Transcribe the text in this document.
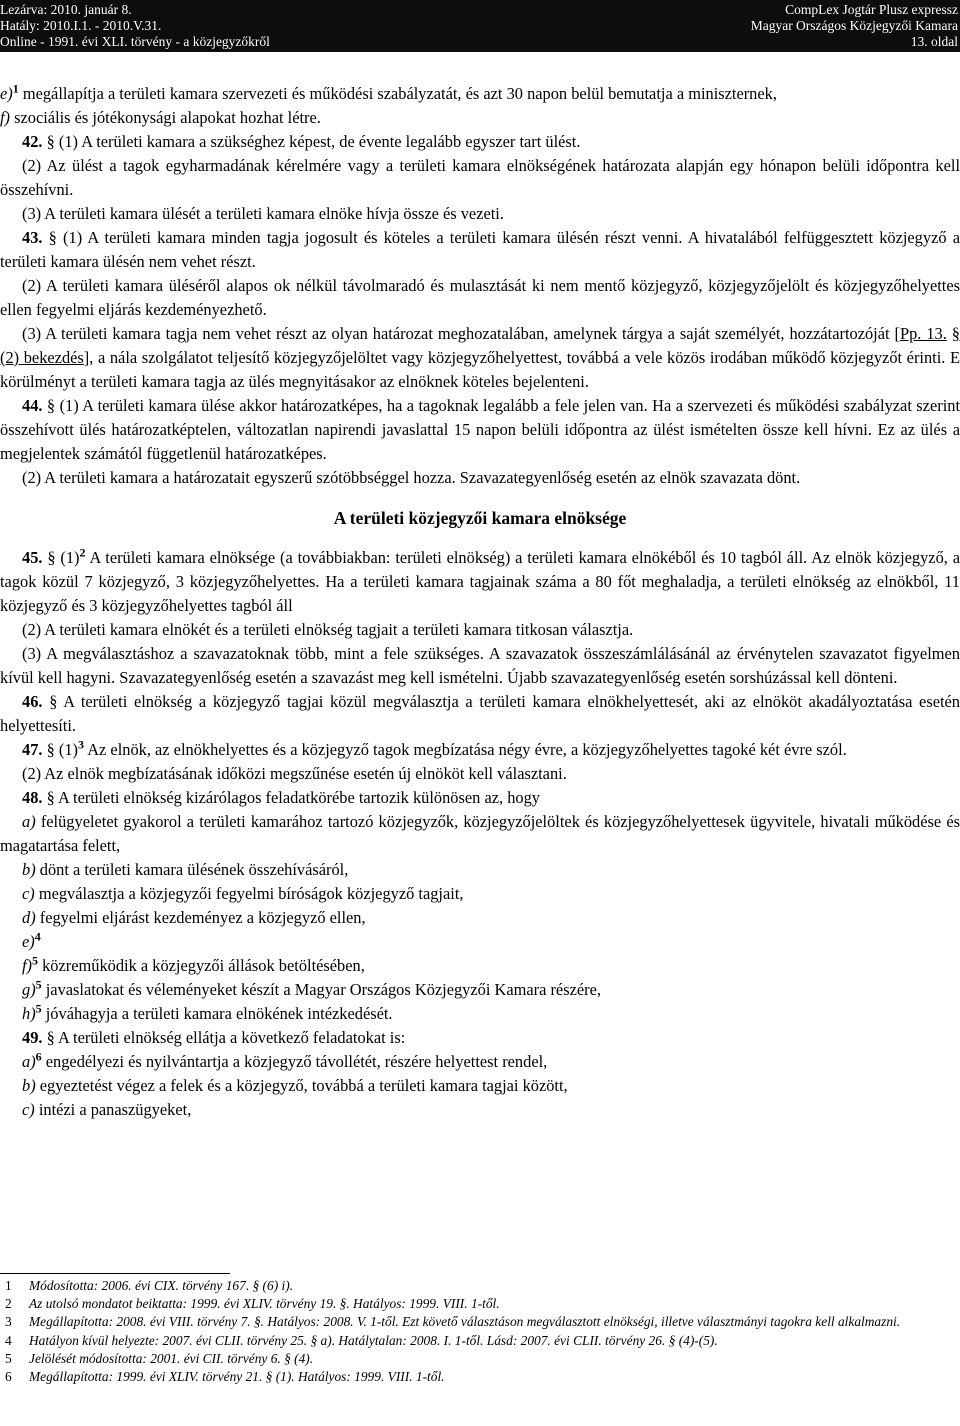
Lezárva: 2010. január 8.
Hatály: 2010.I.1. - 2010.V.31.
Online - 1991. évi XLI. törvény - a közjegyzőkről
CompLex Jogtár Plusz expressz
Magyar Országos Közjegyzői Kamara
13. oldal

e)$^1$ megállapítja a területi kamara szervezeti és működési szabályzatát, és azt 30 napon belül bemutatja a miniszternek,

f) szociális és jótékonysági alapokat hozhat létre.

42. § (1) A területi kamara a szükséghez képest, de évente legalább egyszer tart ülést.

(2) Az ülést a tagok egyharmadának kérelmére vagy a területi kamara elnökségének határozata alapján egy hónapon belüli időpontra kell összehívni.

(3) A területi kamara ülését a területi kamara elnöke hívja össze és vezeti.

43. § (1) A területi kamara minden tagja jogosult és köteles a területi kamara ülésén részt venni. A hivatalából felfüggesztett közjegyző a területi kamara ülésén nem vehet részt.

(2) A területi kamara üléséről alapos ok nélkül távolmaradó és mulasztását ki nem mentő közjegyző, közjegyzőjelölt és közjegyzőhelyettes ellen fegyelmi eljárás kezdeményezhető.

(3) A területi kamara tagja nem vehet részt az olyan határozat meghozatalában, amelynek tárgya a saját személyét, hozzátartozóját [Pp. 13. § (2) bekezdés], a nála szolgálatot teljesítő közjegyzőjelöltet vagy közjegyzőhelyettest, továbbá a vele közös irodában működő közjegyzőt érinti. E körülményt a területi kamara tagja az ülés megnyitásakor az elnöknek köteles bejelenteni.

44. § (1) A területi kamara ülése akkor határozatképes, ha a tagoknak legalább a fele jelen van. Ha a szervezeti és működési szabályzat szerint összehívott ülés határozatképtelen, változatlan napirendi javaslattal 15 napon belüli időpontra az ülést ismételten össze kell hívni. Ez az ülés a megjelentek számától függetlenül határozatképes.

(2) A területi kamara a határozatait egyszerű szótöbbséggel hozza. Szavazategyenlőség esetén az elnök szavazata dönt.

A területi közjegyzői kamara elnöksége

45. § $(1)^2$ A területi kamara elnöksége (a továbbiakban: területi elnökség) a területi kamara elnökéből és 10 tagból áll. Az elnök közjegyző, a tagok közül 7 közjegyző, 3 közjegyzőhelyettes. Ha a területi kamara tagjainak száma a 80 főt meghaladja, a területi elnökség az elnökből, 11 közjegyző és 3 közjegyzőhelyettes tagból áll

(2) A területi kamara elnökét és a területi elnökség tagjait a területi kamara titkosan választja.

(3) A megválasztáshoz a szavazatoknak több, mint a fele szükséges. A szavazatok összeszámlálásánál az érvénytelen szavazatot figyelmen kívül kell hagyni. Szavazategyenlőség esetén a szavazást meg kell ismételni. Újabb szavazategyenlőség esetén sorshúzással kell dönteni.

46. § A területi elnökség a közjegyző tagjai közül megválasztja a területi kamara elnökhelyettesét, aki az elnököt akadályoztatása esetén helyettesíti.

47. § $(1)^3$ Az elnök, az elnökhelyettes és a közjegyző tagok megbízatása négy évre, a közjegyzőhelyettes tagoké két évre szól.

(2) Az elnök megbízatásának időközi megszűnése esetén új elnököt kell választani.

48. § A területi elnökség kizárólagos feladatkörébe tartozik különösen az, hogy

a) felügyeletet gyakorol a területi kamarához tartozó közjegyzők, közjegyzőjelöltek és közjegyzőhelyettesek ügyvitele, hivatali működése és magatartása felett,

b) dönt a területi kamara ülésének összehívásáról,

c) megválasztja a közjegyzői fegyelmi bíróságok közjegyző tagjait,

d) fegyelmi eljárást kezdeményez a közjegyző ellen,

e)$^4$

f)$^5$ közreműködik a közjegyzői állások betöltésében,

g)$^5$ javaslatokat és véleményeket készít a Magyar Országos Közjegyzői Kamara részére,

h)$^5$ jóváhagyja a területi kamara elnökének intézkedését.

49. § A területi elnökség ellátja a következő feladatokat is:

a)$^6$ engedélyezi és nyilvántartja a közjegyző távollétét, részére helyettest rendel,

b) egyeztetést végez a felek és a közjegyző, továbbá a területi kamara tagjai között,

c) intézi a panaszügyeket,

1 Módosította: 2006. évi CIX. törvény 167. § (6) i).

2 Az utolsó mondatot beiktatta: 1999. évi XLIV. törvény 19. §. Hatályos: 1999. VIII. 1-től.

3 Megállapította: 2008. évi VIII. törvény 7. §. Hatályos: 2008. V. 1-től. Ezt követő választáson megválasztott elnökségi, illetve választmányi tagokra kell alkalmazni.

4 Hatályon kívül helyezte: 2007. évi CLII. törvény 25. § a). Hatálytalan: 2008. I. 1-től. Lásd: 2007. évi CLII. törvény 26. § (4)-(5).

5 Jelölését módosította: 2001. évi CII. törvény 6. § (4).

6 Megállapította: 1999. évi XLIV. törvény 21. § (1). Hatályos: 1999. VIII. 1-től.
